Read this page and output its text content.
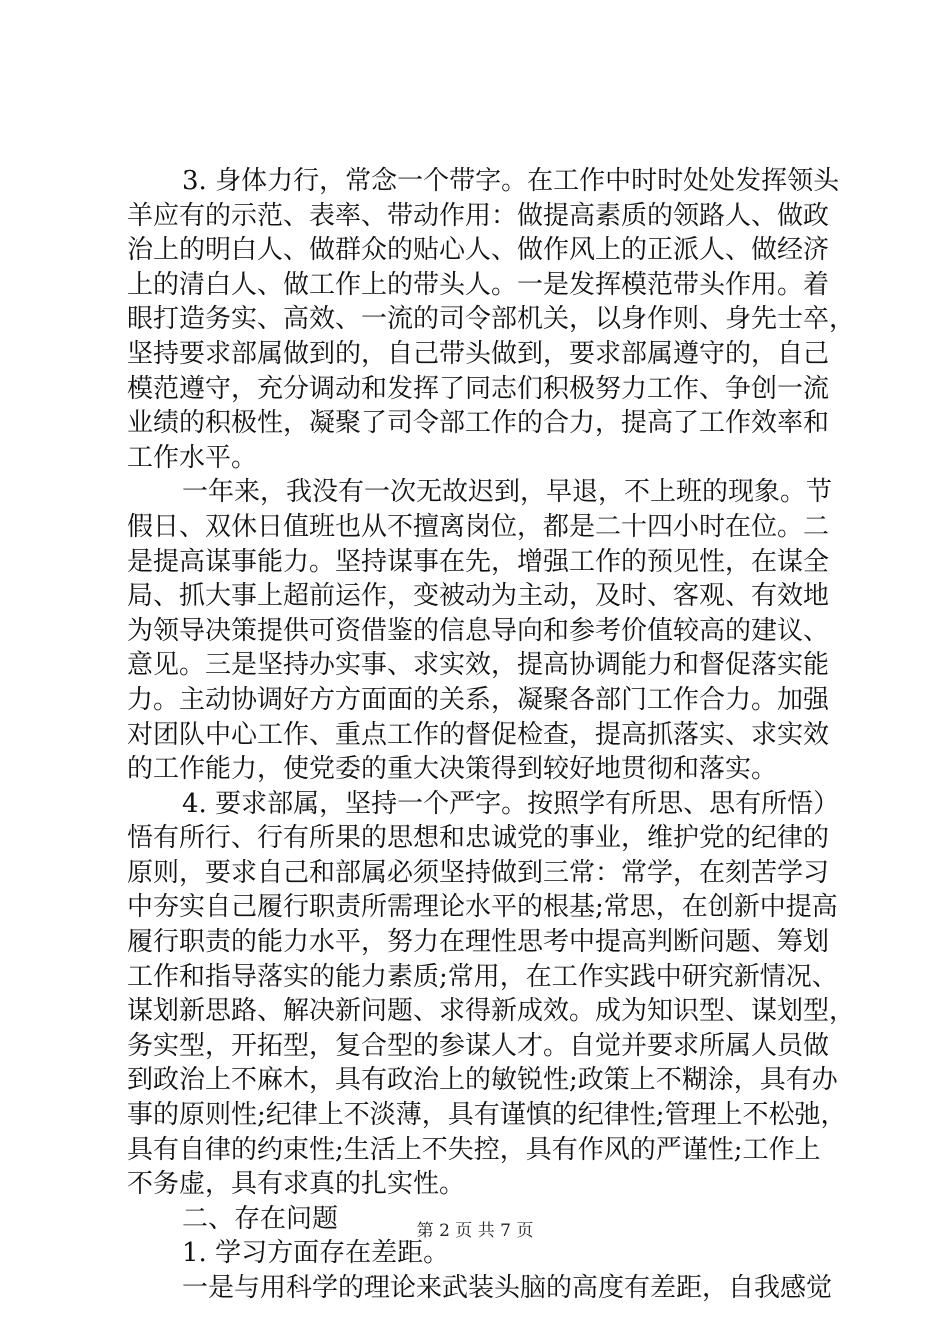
3. 身体力行，常念一个带字。在工作中时时处处发挥领头
羊应有的示范、表率、带动作用：做提高素质的领路人、做政
治上的明白人、做群众的贴心人、做作风上的正派人、做经济
上的清白人、做工作上的带头人。一是发挥模范带头作用。着
眼打造务实、高效、一流的司令部机关，以身作则、身先士卒，
坚持要求部属做到的，自己带头做到，要求部属遵守的，自己
模范遵守，充分调动和发挥了同志们积极努力工作、争创一流
业绩的积极性，凝聚了司令部工作的合力，提高了工作效率和
工作水平。
一年来，我没有一次无故迟到，早退，不上班的现象。节
假日、双休日值班也从不擅离岗位，都是二十四小时在位。二
是提高谋事能力。坚持谋事在先，增强工作的预见性，在谋全
局、抓大事上超前运作，变被动为主动，及时、客观、有效地
为领导决策提供可资借鉴的信息导向和参考价值较高的建议、
意见。三是坚持办实事、求实效，提高协调能力和督促落实能
力。主动协调好方方面面的关系，凝聚各部门工作合力。加强
对团队中心工作、重点工作的督促检查，提高抓落实、求实效
的工作能力，使党委的重大决策得到较好地贯彻和落实。
4. 要求部属，坚持一个严字。按照学有所思、思有所悟）
悟有所行、行有所果的思想和忠诚党的事业，维护党的纪律的
原则，要求自己和部属必须坚持做到三常：常学，在刻苦学习
中夯实自己履行职责所需理论水平的根基;常思，在创新中提高
履行职责的能力水平，努力在理性思考中提高判断问题、筹划
工作和指导落实的能力素质;常用，在工作实践中研究新情况、
谋划新思路、解决新问题、求得新成效。成为知识型、谋划型，
务实型，开拓型，复合型的参谋人才。自觉并要求所属人员做
到政治上不麻木，具有政治上的敏锐性;政策上不糊涂，具有办
事的原则性;纪律上不淡薄，具有谨慎的纪律性;管理上不松弛，
具有自律的约束性;生活上不失控，具有作风的严谨性;工作上
不务虚，具有求真的扎实性。
二、存在问题
1. 学习方面存在差距。
一是与用科学的理论来武装头脑的高度有差距，自我感觉
第 2 页 共 7 页
